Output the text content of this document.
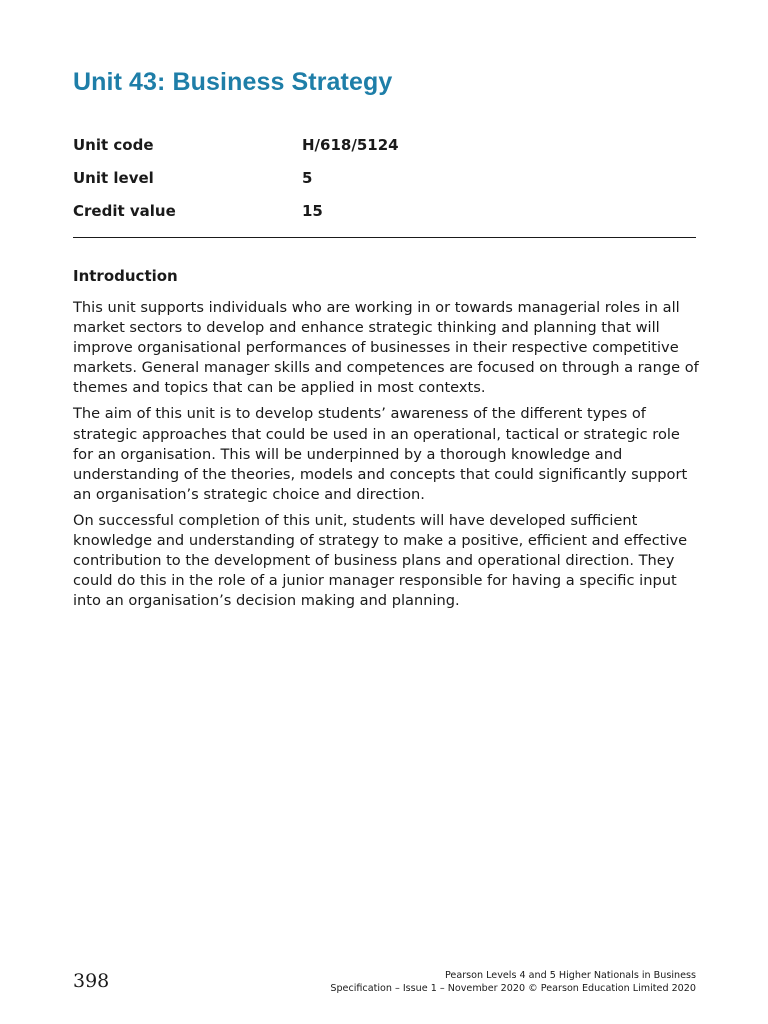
Unit 43: Business Strategy
Unit code	H/618/5124
Unit level	5
Credit value	15
Introduction

This unit supports individuals who are working in or towards managerial roles in all market sectors to develop and enhance strategic thinking and planning that will improve organisational performances of businesses in their respective competitive markets. General manager skills and competences are focused on through a range of themes and topics that can be applied in most contexts.

The aim of this unit is to develop students’ awareness of the different types of strategic approaches that could be used in an operational, tactical or strategic role for an organisation. This will be underpinned by a thorough knowledge and understanding of the theories, models and concepts that could significantly support an organisation’s strategic choice and direction.

On successful completion of this unit, students will have developed sufficient knowledge and understanding of strategy to make a positive, efficient and effective contribution to the development of business plans and operational direction. They could do this in the role of a junior manager responsible for having a specific input into an organisation’s decision making and planning.

398	Pearson Levels 4 and 5 Higher Nationals in Business
Specification – Issue 1 – November 2020 © Pearson Education Limited 2020
